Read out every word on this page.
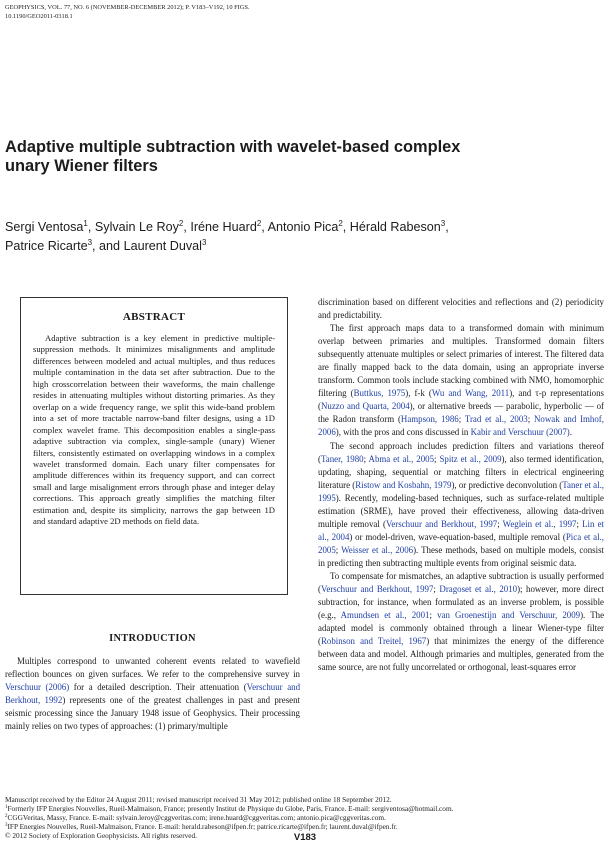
GEOPHYSICS, VOL. 77, NO. 6 (NOVEMBER-DECEMBER 2012); P. V183–V192, 10 FIGS.
10.1190/GEO2011-0318.1
Adaptive multiple subtraction with wavelet-based complex
unary Wiener filters
Sergi Ventosa$^1$, Sylvain Le Roy$^2$, Iréne Huard$^2$, Antonio Pica$^2$, Hérald Rabeson$^3$,
Patrice Ricarte$^3$, and Laurent Duval$^3$
ABSTRACT

Adaptive subtraction is a key element in predictive multiple-suppression methods. It minimizes misalignments and amplitude differences between modeled and actual multiples, and thus reduces multiple contamination in the data set after subtraction. Due to the high crosscorrelation between their waveforms, the main challenge resides in attenuating multiples without distorting primaries. As they overlap on a wide frequency range, we split this wide-band problem into a set of more tractable narrow-band filter designs, using a 1D complex wavelet frame. This decomposition enables a single-pass adaptive subtraction via complex, single-sample (unary) Wiener filters, consistently estimated on overlapping windows in a complex wavelet transformed domain. Each unary filter compensates for amplitude differences within its frequency support, and can correct small and large misalignment errors through phase and integer delay corrections. This approach greatly simplifies the matching filter estimation and, despite its simplicity, narrows the gap between 1D and standard adaptive 2D methods on field data.

INTRODUCTION

Multiples correspond to unwanted coherent events related to wavefield reflection bounces on given surfaces. We refer to the comprehensive survey in Verschuur (2006) for a detailed description. Their attenuation (Verschuur and Berkhout, 1992) represents one of the greatest challenges in past and present seismic processing since the January 1948 issue of Geophysics. Their processing mainly relies on two types of approaches: (1) primary/multiple

discrimination based on different velocities and reflections and (2) periodicity and predictability.

The first approach maps data to a transformed domain with minimum overlap between primaries and multiples. Transformed domain filters subsequently attenuate multiples or select primaries of interest. The filtered data are finally mapped back to the data domain, using an appropriate inverse transform. Common tools include stacking combined with NMO, homomorphic filtering (Buttkus, 1975), f-k (Wu and Wang, 2011), and τ-p representations (Nuzzo and Quarta, 2004), or alternative breeds — parabolic, hyperbolic — of the Radon transform (Hampson, 1986; Trad et al., 2003; Nowak and Imhof, 2006), with the pros and cons discussed in Kabir and Verschuur (2007).

The second approach includes prediction filters and variations thereof (Taner, 1980; Abma et al., 2005; Spitz et al., 2009), also termed identification, updating, shaping, sequential or matching filters in electrical engineering literature (Ristow and Kosbahn, 1979), or predictive deconvolution (Taner et al., 1995). Recently, modeling-based techniques, such as surface-related multiple estimation (SRME), have proved their effectiveness, allowing data-driven multiple removal (Verschuur and Berkhout, 1997; Weglein et al., 1997; Lin et al., 2004) or model-driven, wave-equation-based, multiple removal (Pica et al., 2005; Weisser et al., 2006). These methods, based on multiple models, consist in predicting then subtracting multiple events from original seismic data.

To compensate for mismatches, an adaptive subtraction is usually performed (Verschuur and Berkhout, 1997; Dragoset et al., 2010); however, more direct subtraction, for instance, when formulated as an inverse problem, is possible (e.g., Amundsen et al., 2001; van Groenestijn and Verschuur, 2009). The adapted model is commonly obtained through a linear Wiener-type filter (Robinson and Treitel, 1967) that minimizes the energy of the difference between data and model. Although primaries and multiples, generated from the same source, are not fully uncorrelated or orthogonal, least-squares error

Manuscript received by the Editor 24 August 2011; revised manuscript received 31 May 2012; published online 18 September 2012.
$^1$Formerly IFP Energies Nouvelles, Rueil-Malmaison, France; presently Institut de Physique du Globe, Paris, France. E-mail: sergiventosa@hotmail.com.
$^2$CGGVeritas, Massy, France. E-mail: sylvain.leroy@cggveritas.com; irene.huard@cggveritas.com; antonio.pica@cggveritas.com.
$^3$IFP Energies Nouvelles, Rueil-Malmaison, France. E-mail: herald.rabeson@ifpen.fr; patrice.ricarte@ifpen.fr; laurent.duval@ifpen.fr.
© 2012 Society of Exploration Geophysicists. All rights reserved.	V183
